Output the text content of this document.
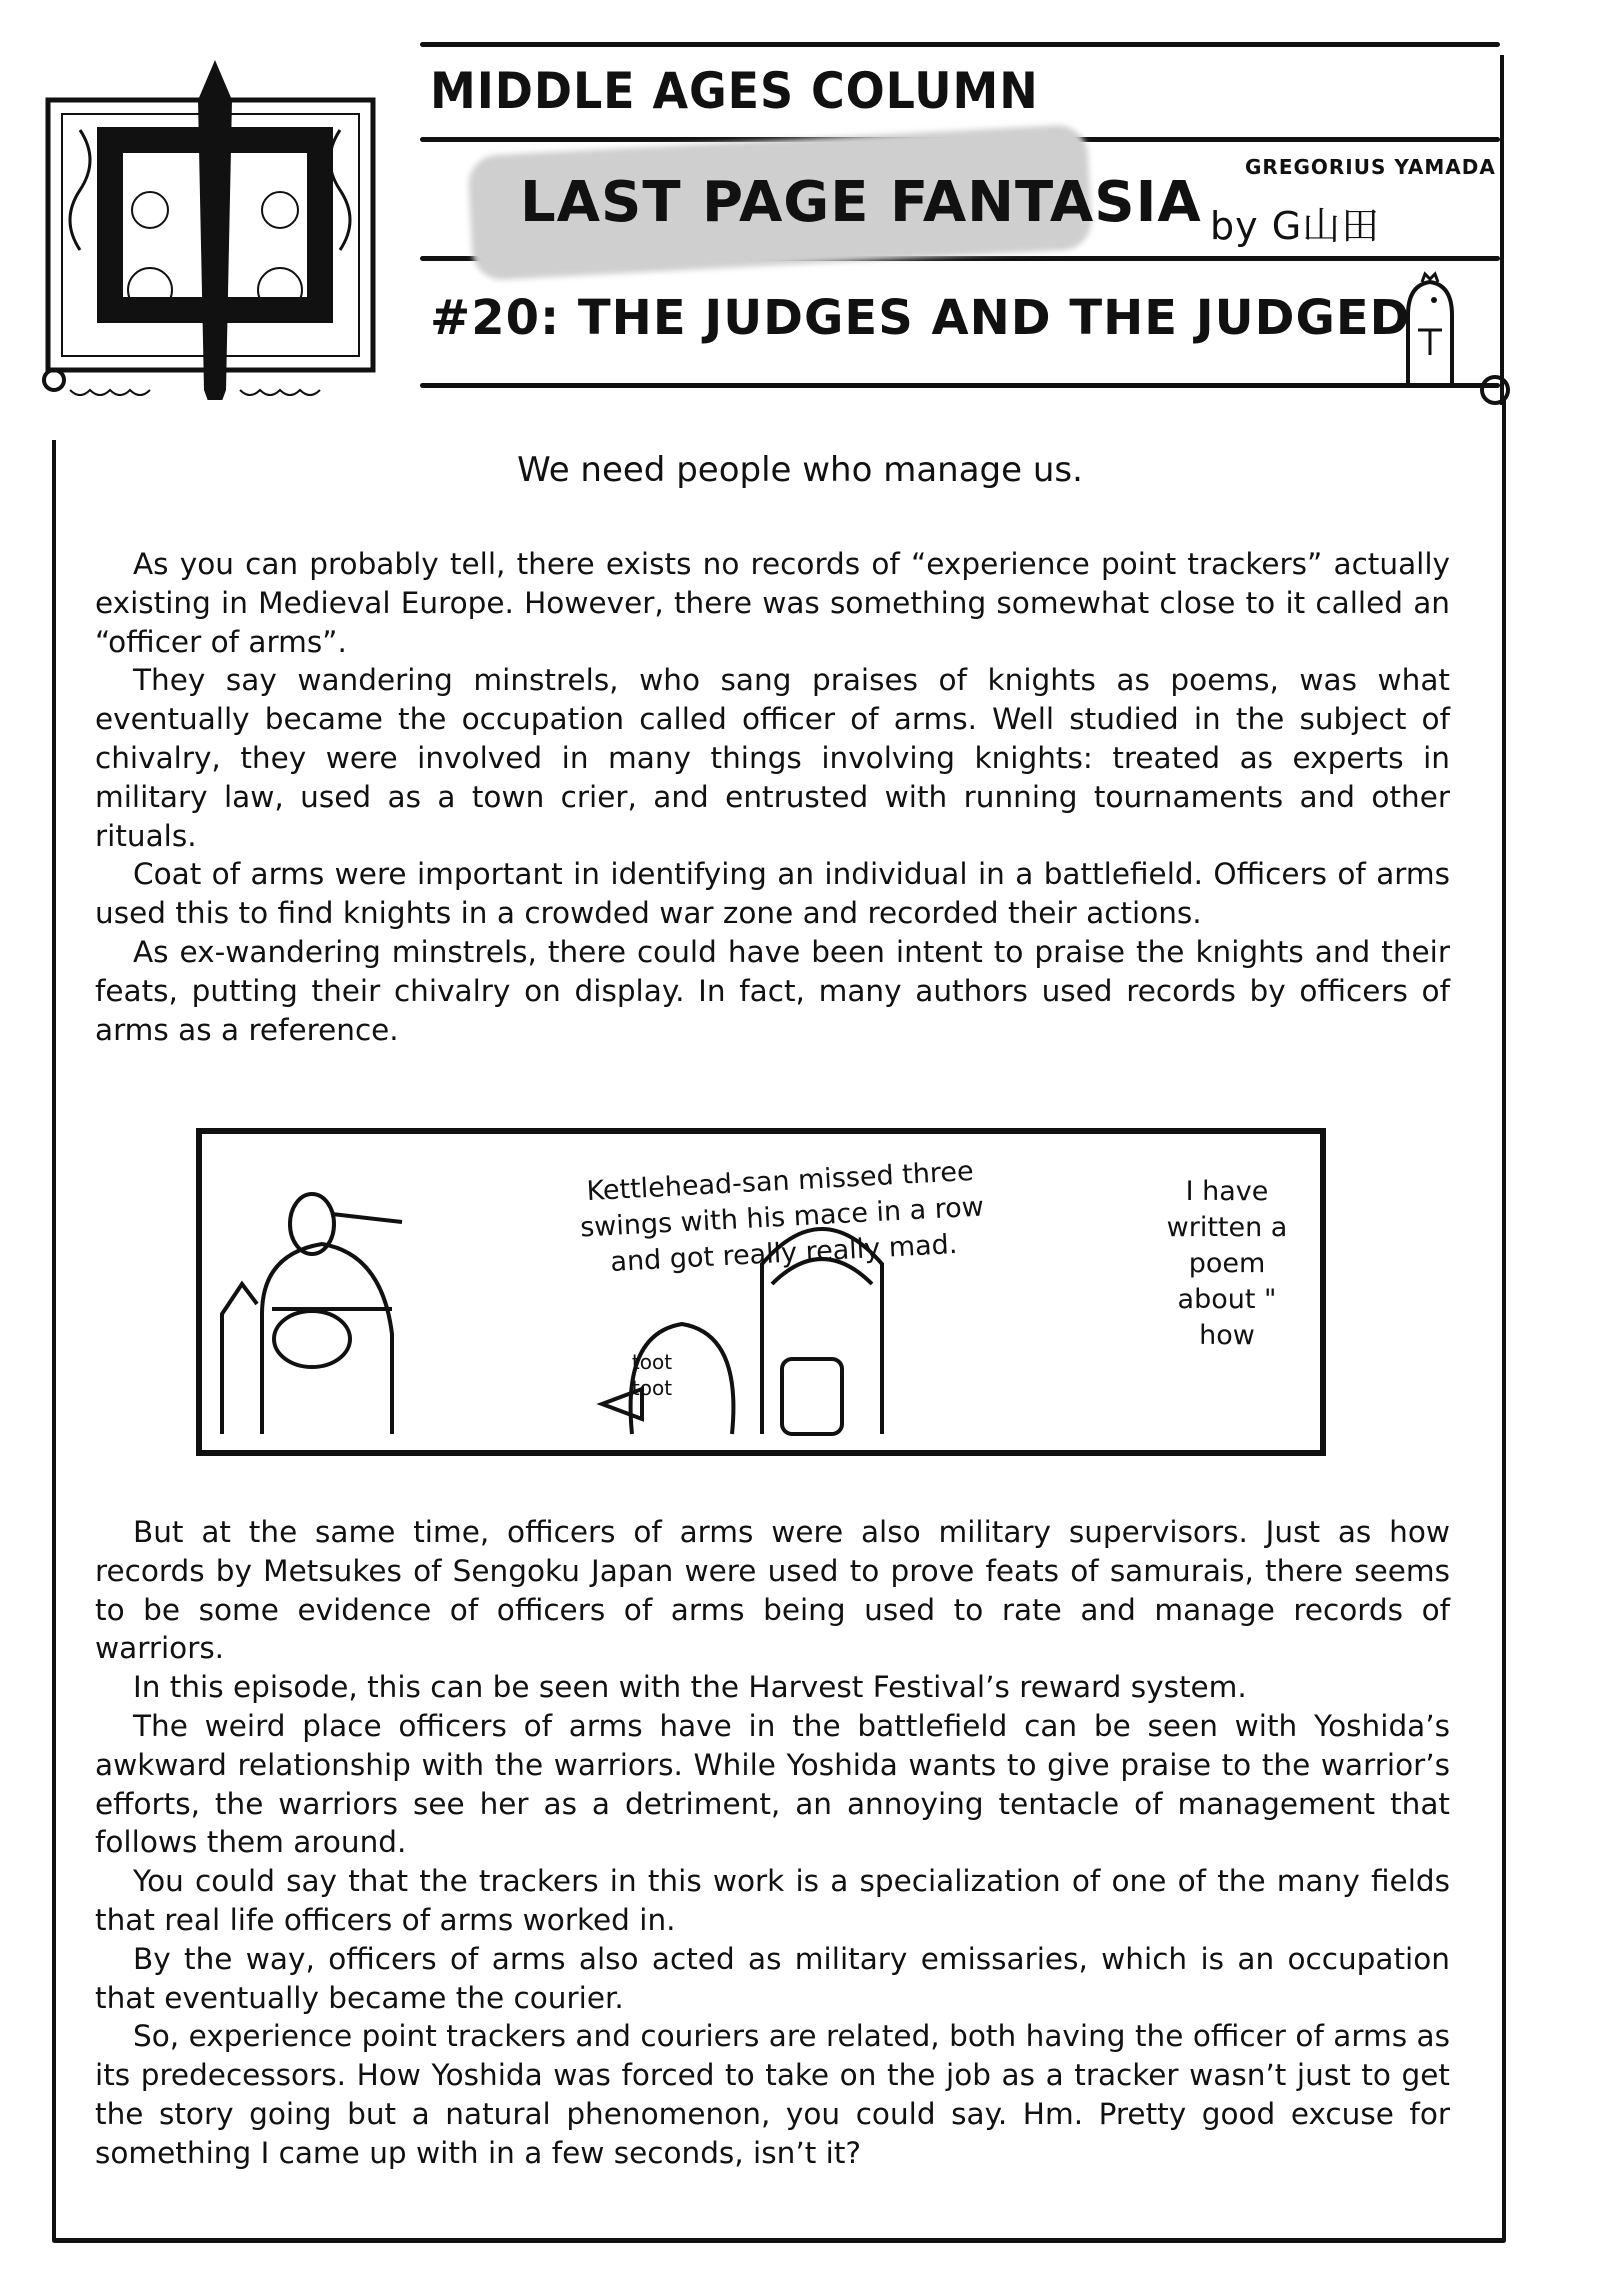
MIDDLE AGES COLUMN
LAST PAGE FANTASIA
GREGORIUS YAMADA
by G山田
#20: THE JUDGES AND THE JUDGED
We need people who manage us.

As you can probably tell, there exists no records of “experience point trackers” actually existing in Medieval Europe. However, there was something somewhat close to it called an “officer of arms”.

They say wandering minstrels, who sang praises of knights as poems, was what eventually became the occupation called officer of arms. Well studied in the subject of chivalry, they were involved in many things involving knights: treated as experts in military law, used as a town crier, and entrusted with running tournaments and other rituals.

Coat of arms were important in identifying an individual in a battlefield. Officers of arms used this to find knights in a crowded war zone and recorded their actions.

As ex-wandering minstrels, there could have been intent to praise the knights and their feats, putting their chivalry on display. In fact, many authors used records by officers of arms as a reference.

Kettlehead-san missed three swings with his mace in a row and got really really mad.
I have written a poem about " how
toot toot

But at the same time, officers of arms were also military supervisors. Just as how records by Metsukes of Sengoku Japan were used to prove feats of samurais, there seems to be some evidence of officers of arms being used to rate and manage records of warriors.

In this episode, this can be seen with the Harvest Festival’s reward system.

The weird place officers of arms have in the battlefield can be seen with Yoshida’s awkward relationship with the warriors. While Yoshida wants to give praise to the warrior’s efforts, the warriors see her as a detriment, an annoying tentacle of management that follows them around.

You could say that the trackers in this work is a specialization of one of the many fields that real life officers of arms worked in.

By the way, officers of arms also acted as military emissaries, which is an occupation that eventually became the courier.

So, experience point trackers and couriers are related, both having the officer of arms as its predecessors. How Yoshida was forced to take on the job as a tracker wasn’t just to get the story going but a natural phenomenon, you could say. Hm. Pretty good excuse for something I came up with in a few seconds, isn’t it?
